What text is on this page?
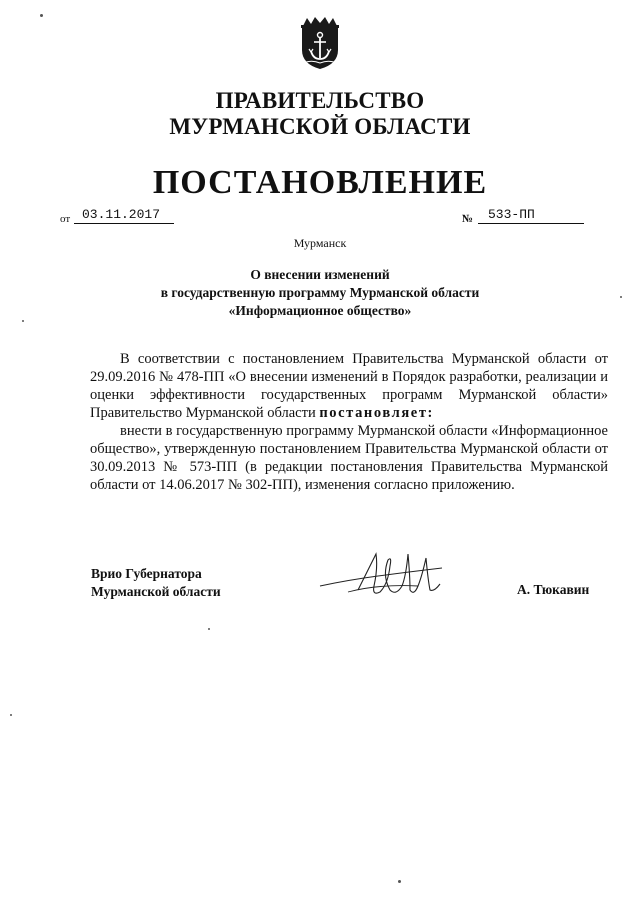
ПРАВИТЕЛЬСТВО
МУРМАНСКОЙ ОБЛАСТИ
ПОСТАНОВЛЕНИЕ
от 03.11.2017	№	533-ПП
Мурманск
О внесении изменений
в государственную программу Мурманской области
«Информационное общество»

В соответствии с постановлением Правительства Мурманской области от 29.09.2016 № 478-ПП «О внесении изменений в Порядок разработки, реализации и оценки эффективности государственных программ Мурманской области» Правительство Мурманской области постановляет:

внести в государственную программу Мурманской области «Информационное общество», утвержденную постановлением Правительства Мурманской области от 30.09.2013 № 573-ПП (в редакции постановления Правительства Мурманской области от 14.06.2017 № 302-ПП), изменения согласно приложению.

Врио Губернатора
Мурманской области	А. Тюкавин
